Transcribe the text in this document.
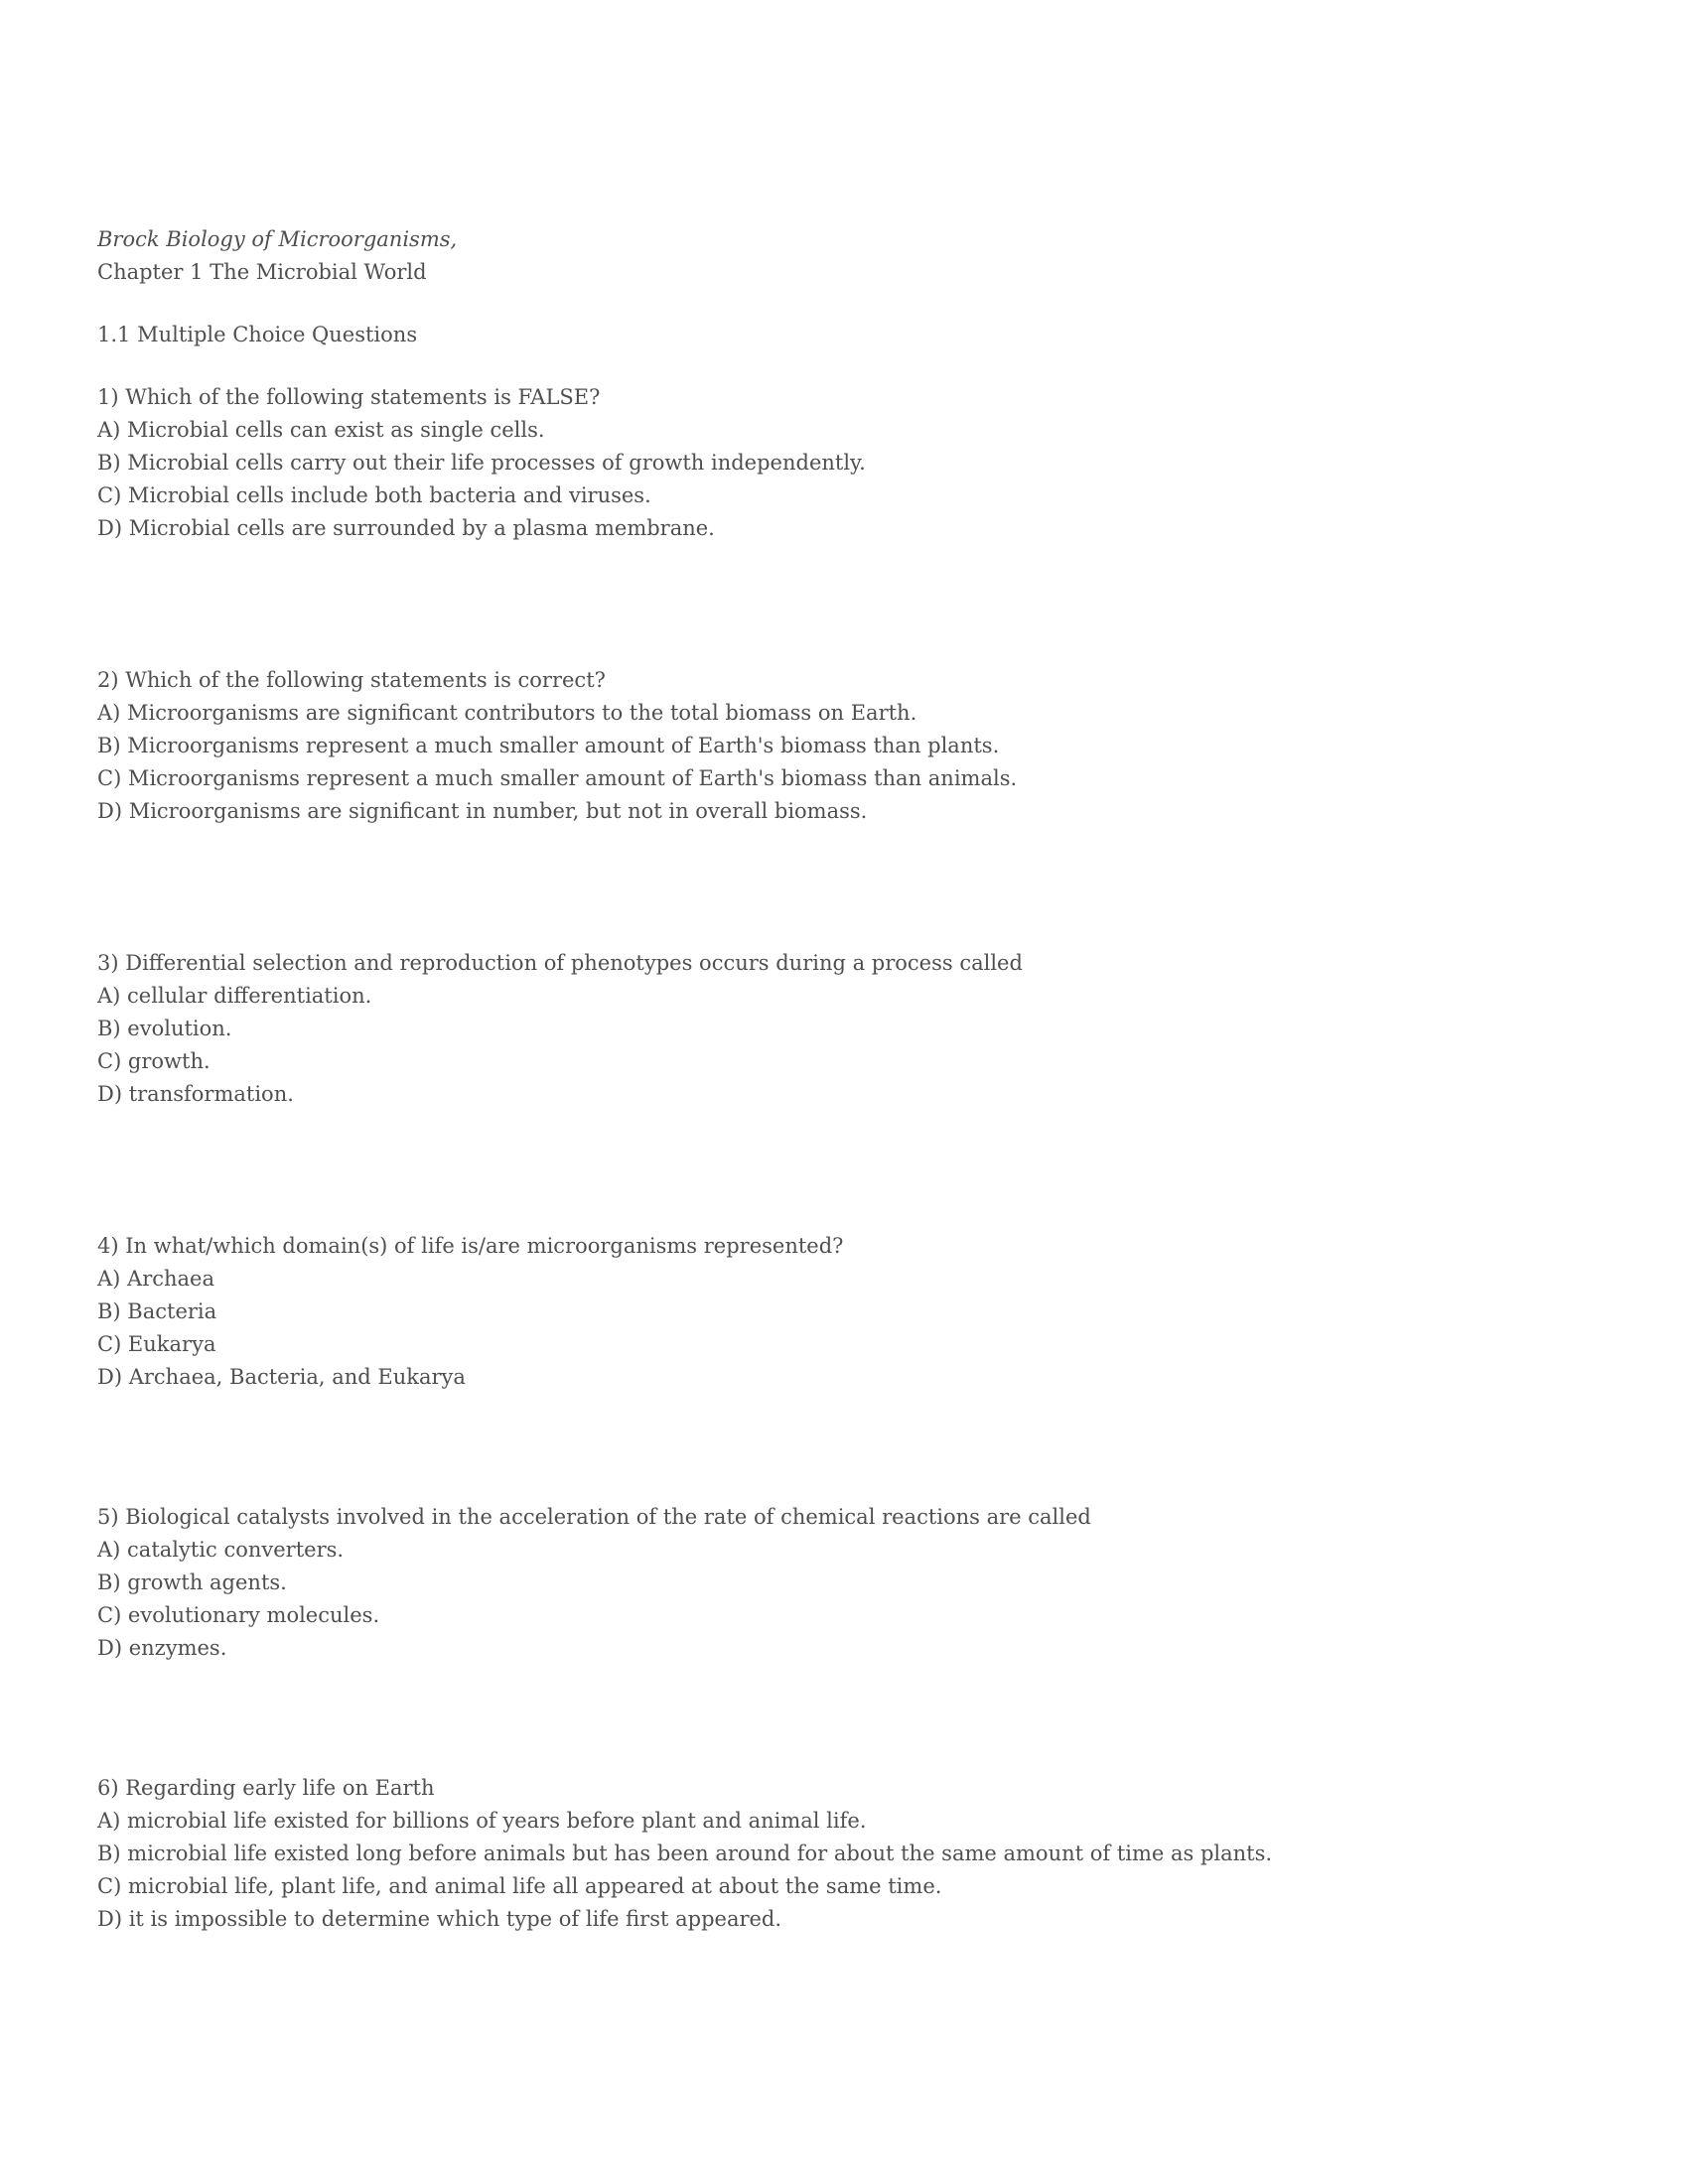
Brock Biology of Microorganisms,
Chapter 1 The Microbial World
1.1 Multiple Choice Questions
1) Which of the following statements is FALSE?
A) Microbial cells can exist as single cells.
B) Microbial cells carry out their life processes of growth independently.
C) Microbial cells include both bacteria and viruses.
D) Microbial cells are surrounded by a plasma membrane.
2) Which of the following statements is correct?
A) Microorganisms are significant contributors to the total biomass on Earth.
B) Microorganisms represent a much smaller amount of Earth's biomass than plants.
C) Microorganisms represent a much smaller amount of Earth's biomass than animals.
D) Microorganisms are significant in number, but not in overall biomass.
3) Differential selection and reproduction of phenotypes occurs during a process called
A) cellular differentiation.
B) evolution.
C) growth.
D) transformation.
4) In what/which domain(s) of life is/are microorganisms represented?
A) Archaea
B) Bacteria
C) Eukarya
D) Archaea, Bacteria, and Eukarya
5) Biological catalysts involved in the acceleration of the rate of chemical reactions are called
A) catalytic converters.
B) growth agents.
C) evolutionary molecules.
D) enzymes.
6) Regarding early life on Earth
A) microbial life existed for billions of years before plant and animal life.
B) microbial life existed long before animals but has been around for about the same amount of time as plants.
C) microbial life, plant life, and animal life all appeared at about the same time.
D) it is impossible to determine which type of life first appeared.
